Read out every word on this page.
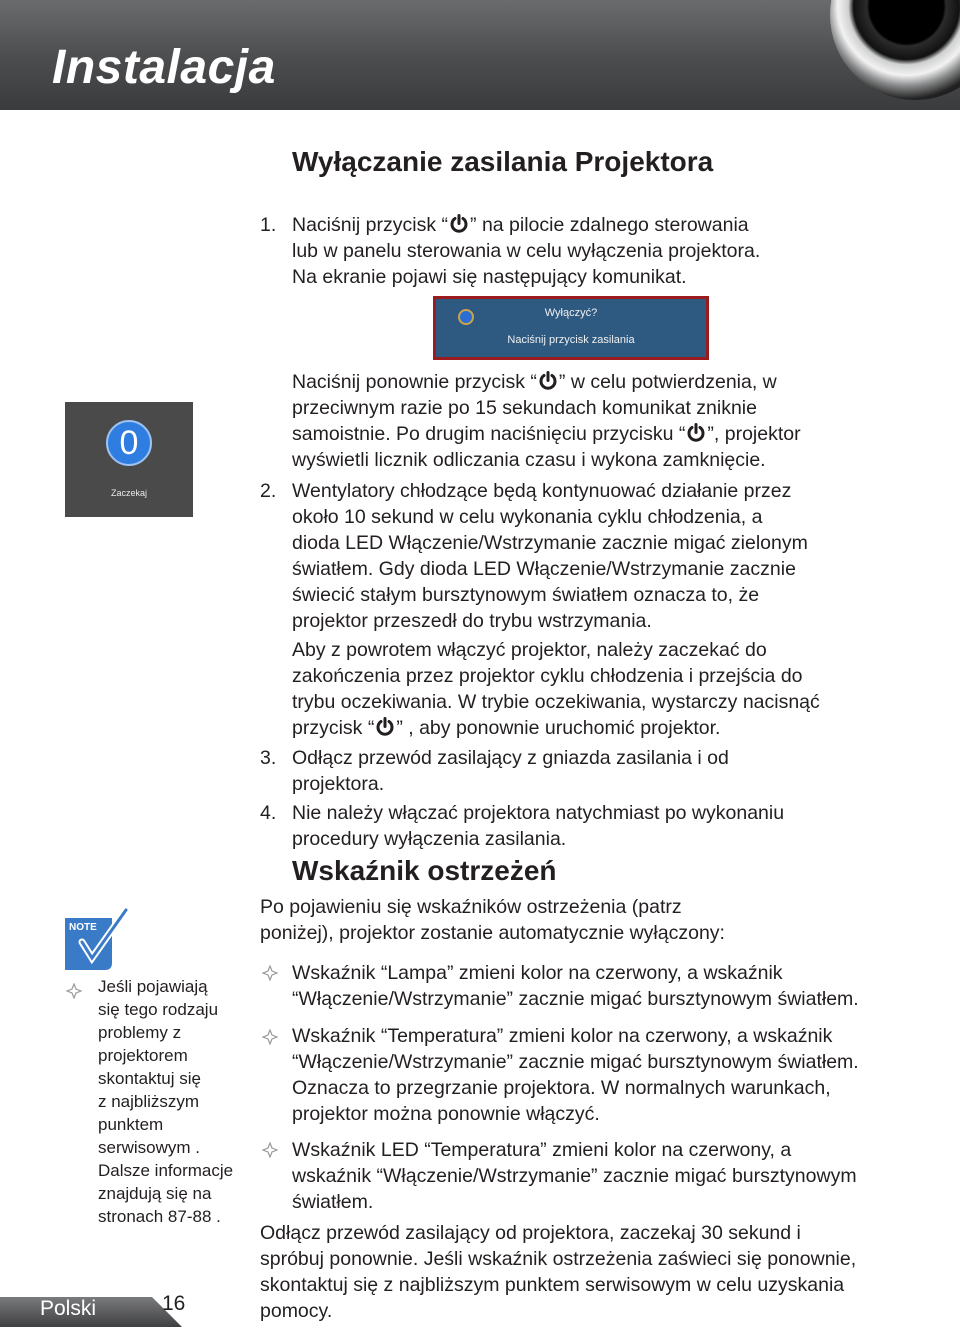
Instalacja
Wyłączanie zasilania Projektora
1. Naciśnij przycisk “ ” na pilocie zdalnego sterowania
lub w panelu sterowania w celu wyłączenia projektora.
Na ekranie pojawi się następujący komunikat.
Wyłączyć?
Naciśnij przycisk zasilania
Naciśnij ponownie przycisk “ ” w celu potwierdzenia, w
przeciwnym razie po 15 sekundach komunikat zniknie
samoistnie. Po drugim naciśnięciu przycisku “ ”, projektor
wyświetli licznik odliczania czasu i wykona zamknięcie.
0
Zaczekaj	2. Wentylatory chłodzące będą kontynuować działanie przez
około 10 sekund w celu wykonania cyklu chłodzenia, a
dioda LED Włączenie/Wstrzymanie zacznie migać zielonym
światłem. Gdy dioda LED Włączenie/Wstrzymanie zacznie
świecić stałym bursztynowym światłem oznacza to, że
projektor przeszedł do trybu wstrzymania.
Aby z powrotem włączyć projektor, należy zaczekać do
zakończenia przez projektor cyklu chłodzenia i przejścia do
trybu oczekiwania. W trybie oczekiwania, wystarczy nacisnąć
przycisk “ ” , aby ponownie uruchomić projektor.
3. Odłącz przewód zasilający z gniazda zasilania i od
projektora.
4. Nie należy włączać projektora natychmiast po wykonaniu
procedury wyłączenia zasilania.
Wskaźnik ostrzeżeń
Po pojawieniu się wskaźników ostrzeżenia (patrz
poniżej), projektor zostanie automatycznie wyłączony:
Wskaźnik “Lampa” zmieni kolor na czerwony, a wskaźnik
“Włączenie/Wstrzymanie” zacznie migać bursztynowym światłem.
Wskaźnik “Temperatura” zmieni kolor na czerwony, a wskaźnik
“Włączenie/Wstrzymanie” zacznie migać bursztynowym światłem.
Oznacza to przegrzanie projektora. W normalnych warunkach,
projektor można ponownie włączyć.
Wskaźnik LED “Temperatura” zmieni kolor na czerwony, a
wskaźnik “Włączenie/Wstrzymanie” zacznie migać bursztynowym
światłem.
Odłącz przewód zasilający od projektora, zaczekaj 30 sekund i
spróbuj ponownie. Jeśli wskaźnik ostrzeżenia zaświeci się ponownie,
skontaktuj się z najbliższym punktem serwisowym w celu uzyskania
pomocy.
NOTE
Jeśli pojawiają
się tego rodzaju
problemy z
projektorem
skontaktuj się
z najbliższym
punktem
serwisowym .
Dalsze informacje
znajdują się na
stronach 87-88 .
Polski	16
